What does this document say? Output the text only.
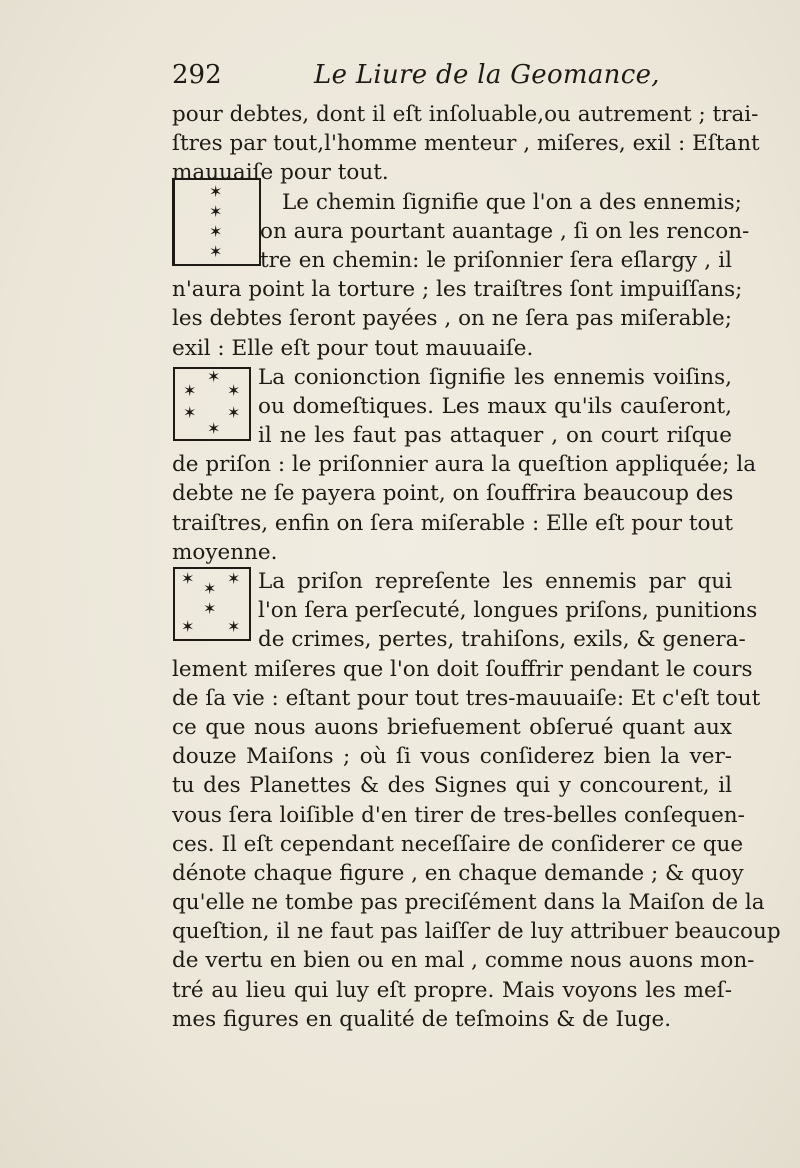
292	Le Liure de la Geomance,
✶
✶
✶
✶
✶
✶ ✶
✶ ✶
✶
✶ ✶
✶
✶
✶ ✶
pour debtes, dont il eſt inſoluable,ou autrement ; trai-
ſtres par tout,l'homme menteur , miſeres, exil : Eſtant
mauuaiſe pour tout.
Le chemin ſignifie que l'on a des ennemis;
on aura pourtant auantage , ſi on les rencon-
tre en chemin: le priſonnier ſera eſlargy , il
n'aura point la torture ; les traiſtres ſont impuiſſans;
les debtes ſeront payées , on ne ſera pas miſerable;
exil : Elle eſt pour tout mauuaiſe.
La conionction ſignifie les ennemis voiſins,
ou domeſtiques. Les maux qu'ils cauſeront,
il ne les faut pas attaquer , on court riſque
de priſon : le priſonnier aura la queſtion appliquée; la
debte ne ſe payera point, on ſouffrira beaucoup des
traiſtres, enfin on ſera miſerable : Elle eſt pour tout
moyenne.
La priſon repreſente les ennemis par qui
l'on ſera perſecuté, longues priſons, punitions
de crimes, pertes, trahiſons, exils, & genera-
lement miſeres que l'on doit ſouffrir pendant le cours
de ſa vie : eſtant pour tout tres-mauuaiſe: Et c'eſt tout
ce que nous auons briefuement obſerué quant aux
douze Maiſons ; où ſi vous conſiderez bien la ver-
tu des Planettes & des Signes qui y concourent, il
vous ſera loiſible d'en tirer de tres-belles conſequen-
ces. Il eſt cependant neceſſaire de conſiderer ce que
dénote chaque figure , en chaque demande ; & quoy
qu'elle ne tombe pas preciſément dans la Maiſon de la
queſtion, il ne faut pas laiſſer de luy attribuer beaucoup
de vertu en bien ou en mal , comme nous auons mon-
tré au lieu qui luy eſt propre. Mais voyons les meſ-
mes figures en qualité de teſmoins & de Iuge.
